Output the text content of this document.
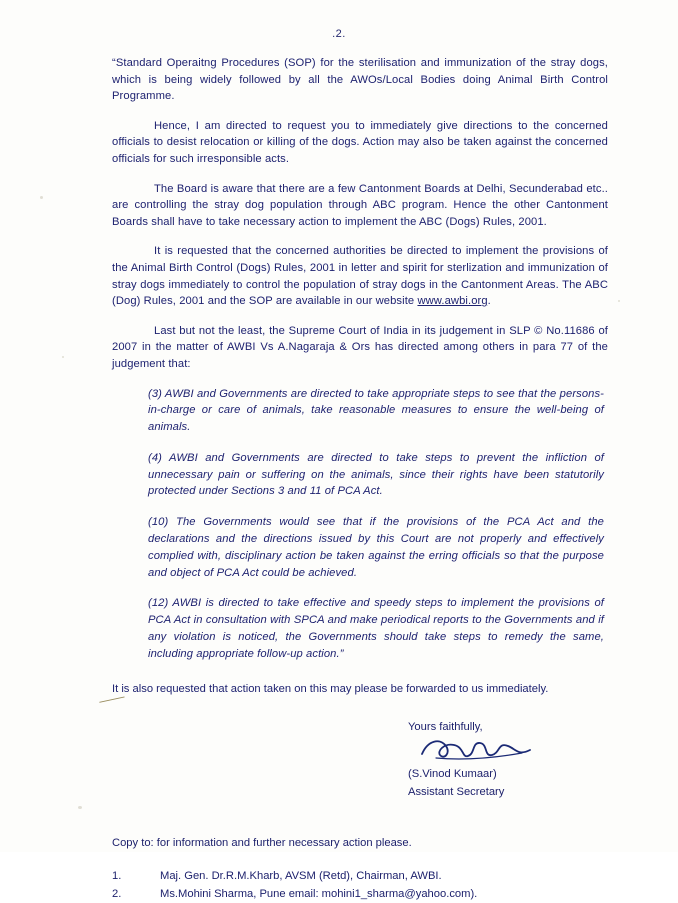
.2.

“Standard Operaitng Procedures (SOP) for the sterilisation and immunization of the stray dogs, which is being widely followed by all the AWOs/Local Bodies doing Animal Birth Control Programme.

Hence, I am directed to request you to immediately give directions to the concerned officials to desist relocation or killing of the dogs. Action may also be taken against the concerned officials for such irresponsible acts.

The Board is aware that there are a few Cantonment Boards at Delhi, Secunderabad etc.. are controlling the stray dog population through ABC program. Hence the other Cantonment Boards shall have to take necessary action to implement the ABC (Dogs) Rules, 2001.

It is requested that the concerned authorities be directed to implement the provisions of the Animal Birth Control (Dogs) Rules, 2001 in letter and spirit for sterlization and immunization of stray dogs immediately to control the population of stray dogs in the Cantonment Areas. The ABC (Dog) Rules, 2001 and the SOP are available in our website www.awbi.org.

Last but not the least, the Supreme Court of India in its judgement in SLP © No.11686 of 2007 in the matter of AWBI Vs A.Nagaraja & Ors has directed among others in para 77 of the judgement that:

(3) AWBI and Governments are directed to take appropriate steps to see that the persons-in-charge or care of animals, take reasonable measures to ensure the well-being of animals.

(4) AWBI and Governments are directed to take steps to prevent the infliction of unnecessary pain or suffering on the animals, since their rights have been statutorily protected under Sections 3 and 11 of PCA Act.

(10) The Governments would see that if the provisions of the PCA Act and the declarations and the directions issued by this Court are not properly and effectively complied with, disciplinary action be taken against the erring officials so that the purpose and object of PCA Act could be achieved.

(12) AWBI is directed to take effective and speedy steps to implement the provisions of PCA Act in consultation with SPCA and make periodical reports to the Governments and if any violation is noticed, the Governments should take steps to remedy the same, including appropriate follow-up action.”

It is also requested that action taken on this may please be forwarded to us immediately.

Yours faithfully,
(S.Vinod Kumaar)
Assistant Secretary
Copy to: for information and further necessary action please.
1.	Maj. Gen. Dr.R.M.Kharb, AVSM (Retd), Chairman, AWBI.
2.	Ms.Mohini Sharma, Pune email: mohini1_sharma@yahoo.com).
⸺
